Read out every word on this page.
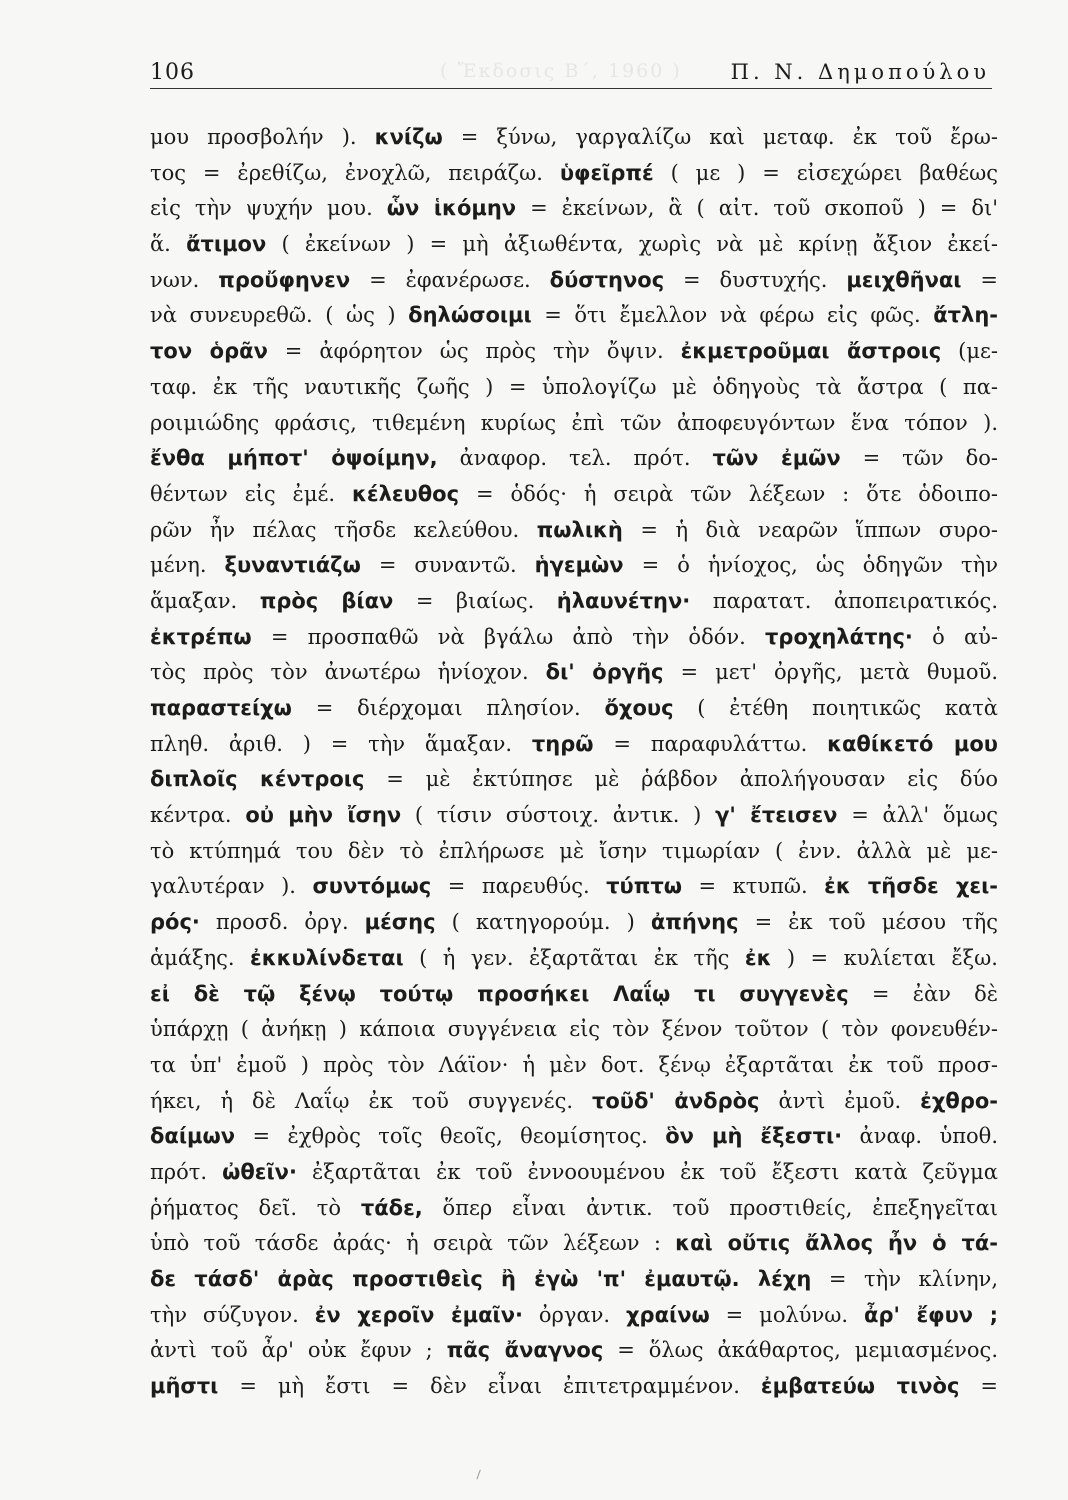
106	Π. Ν. Δημοπούλου
( Ἔκδοσις Β΄, 1960 )
μου προσβολήν ). κνίζω = ξύνω, γαργαλίζω καὶ μεταφ. ἐκ τοῦ ἔρω-
τος = ἐρεθίζω, ἐνοχλῶ, πειράζω. ὑφεῖρπέ ( με ) = εἰσεχώρει βαθέως
εἰς τὴν ψυχήν μου. ὧν ἱκόμην = ἐκείνων, ἃ ( αἰτ. τοῦ σκοποῦ ) = δι'
ἅ. ἄτιμον ( ἐκείνων ) = μὴ ἀξιωθέντα, χωρὶς νὰ μὲ κρίνῃ ἄξιον ἐκεί-
νων. προὔφηνεν = ἐφανέρωσε. δύστηνος = δυστυχής. μειχθῆναι =
νὰ συνευρεθῶ. ( ὡς ) δηλώσοιμι = ὅτι ἔμελλον νὰ φέρω εἰς φῶς. ἄτλη-
τον ὁρᾶν = ἀφόρητον ὡς πρὸς τὴν ὄψιν. ἐκμετροῦμαι ἄστροις (με-
ταφ. ἐκ τῆς ναυτικῆς ζωῆς ) = ὑπολογίζω μὲ ὁδηγοὺς τὰ ἄστρα ( πα-
ροιμιώδης φράσις, τιθεμένη κυρίως ἐπὶ τῶν ἀποφευγόντων ἕνα τόπον ).
ἔνθα μήποτ' ὀψοίμην, ἀναφορ. τελ. πρότ. τῶν ἐμῶν = τῶν δο-
θέντων εἰς ἐμέ. κέλευθος = ὁδός· ἡ σειρὰ τῶν λέξεων : ὅτε ὁδοιπο-
ρῶν ἦν πέλας τῆσδε κελεύθου. πωλικὴ = ἡ διὰ νεαρῶν ἵππων συρο-
μένη. ξυναντιάζω = συναντῶ. ἡγεμὼν = ὁ ἡνίοχος, ὡς ὁδηγῶν τὴν
ἅμαξαν. πρὸς βίαν = βιαίως. ἠλαυνέτην· παρατατ. ἀποπειρατικός.
ἐκτρέπω = προσπαθῶ νὰ βγάλω ἀπὸ τὴν ὁδόν. τροχηλάτης· ὁ αὐ-
τὸς πρὸς τὸν ἀνωτέρω ἡνίοχον. δι' ὀργῆς = μετ' ὀργῆς, μετὰ θυμοῦ.
παραστείχω = διέρχομαι πλησίον. ὄχους ( ἐτέθη ποιητικῶς κατὰ
πληθ. ἀριθ. ) = τὴν ἅμαξαν. τηρῶ = παραφυλάττω. καθίκετό μου
διπλοῖς κέντροις = μὲ ἐκτύπησε μὲ ῥάβδον ἀπολήγουσαν εἰς δύο
κέντρα. οὐ μὴν ἴσην ( τίσιν σύστοιχ. ἀντικ. ) γ' ἔτεισεν = ἀλλ' ὅμως
τὸ κτύπημά του δὲν τὸ ἐπλήρωσε μὲ ἴσην τιμωρίαν ( ἐνν. ἀλλὰ μὲ με-
γαλυτέραν ). συντόμως = παρευθύς. τύπτω = κτυπῶ. ἐκ τῆσδε χει-
ρός· προσδ. ὀργ. μέσης ( κατηγορούμ. ) ἀπήνης = ἐκ τοῦ μέσου τῆς
ἁμάξης. ἐκκυλίνδεται ( ἡ γεν. ἐξαρτᾶται ἐκ τῆς ἐκ ) = κυλίεται ἔξω.
εἰ δὲ τῷ ξένῳ τούτῳ προσήκει Λαΐῳ τι συγγενὲς = ἐὰν δὲ
ὑπάρχῃ ( ἀνήκῃ ) κάποια συγγένεια εἰς τὸν ξένον τοῦτον ( τὸν φονευθέν-
τα ὑπ' ἐμοῦ ) πρὸς τὸν Λάϊον· ἡ μὲν δοτ. ξένῳ ἐξαρτᾶται ἐκ τοῦ προσ-
ήκει, ἡ δὲ Λαΐῳ ἐκ τοῦ συγγενές. τοῦδ' ἀνδρὸς ἀντὶ ἐμοῦ. ἐχθρο-
δαίμων = ἐχθρὸς τοῖς θεοῖς, θεομίσητος. ὃν μὴ ἔξεστι· ἀναφ. ὑποθ.
πρότ. ὠθεῖν· ἐξαρτᾶται ἐκ τοῦ ἐννοουμένου ἐκ τοῦ ἔξεστι κατὰ ζεῦγμα
ῥήματος δεῖ. τὸ τάδε, ὅπερ εἶναι ἀντικ. τοῦ προστιθείς, ἐπεξηγεῖται
ὑπὸ τοῦ τάσδε ἀράς· ἡ σειρὰ τῶν λέξεων : καὶ οὔτις ἄλλος ἦν ὁ τά-
δε τάσδ' ἀρὰς προστιθεὶς ἢ ἐγὼ 'π' ἐμαυτῷ. λέχη = τὴν κλίνην,
τὴν σύζυγον. ἐν χεροῖν ἐμαῖν· ὀργαν. χραίνω = μολύνω. ἆρ' ἔφυν ;
ἀντὶ τοῦ ἆρ' οὐκ ἔφυν ; πᾶς ἄναγνος = ὅλως ἀκάθαρτος, μεμιασμένος.
μῆστι = μὴ ἔστι = δὲν εἶναι ἐπιτετραμμένον. ἐμβατεύω τινὸς =
